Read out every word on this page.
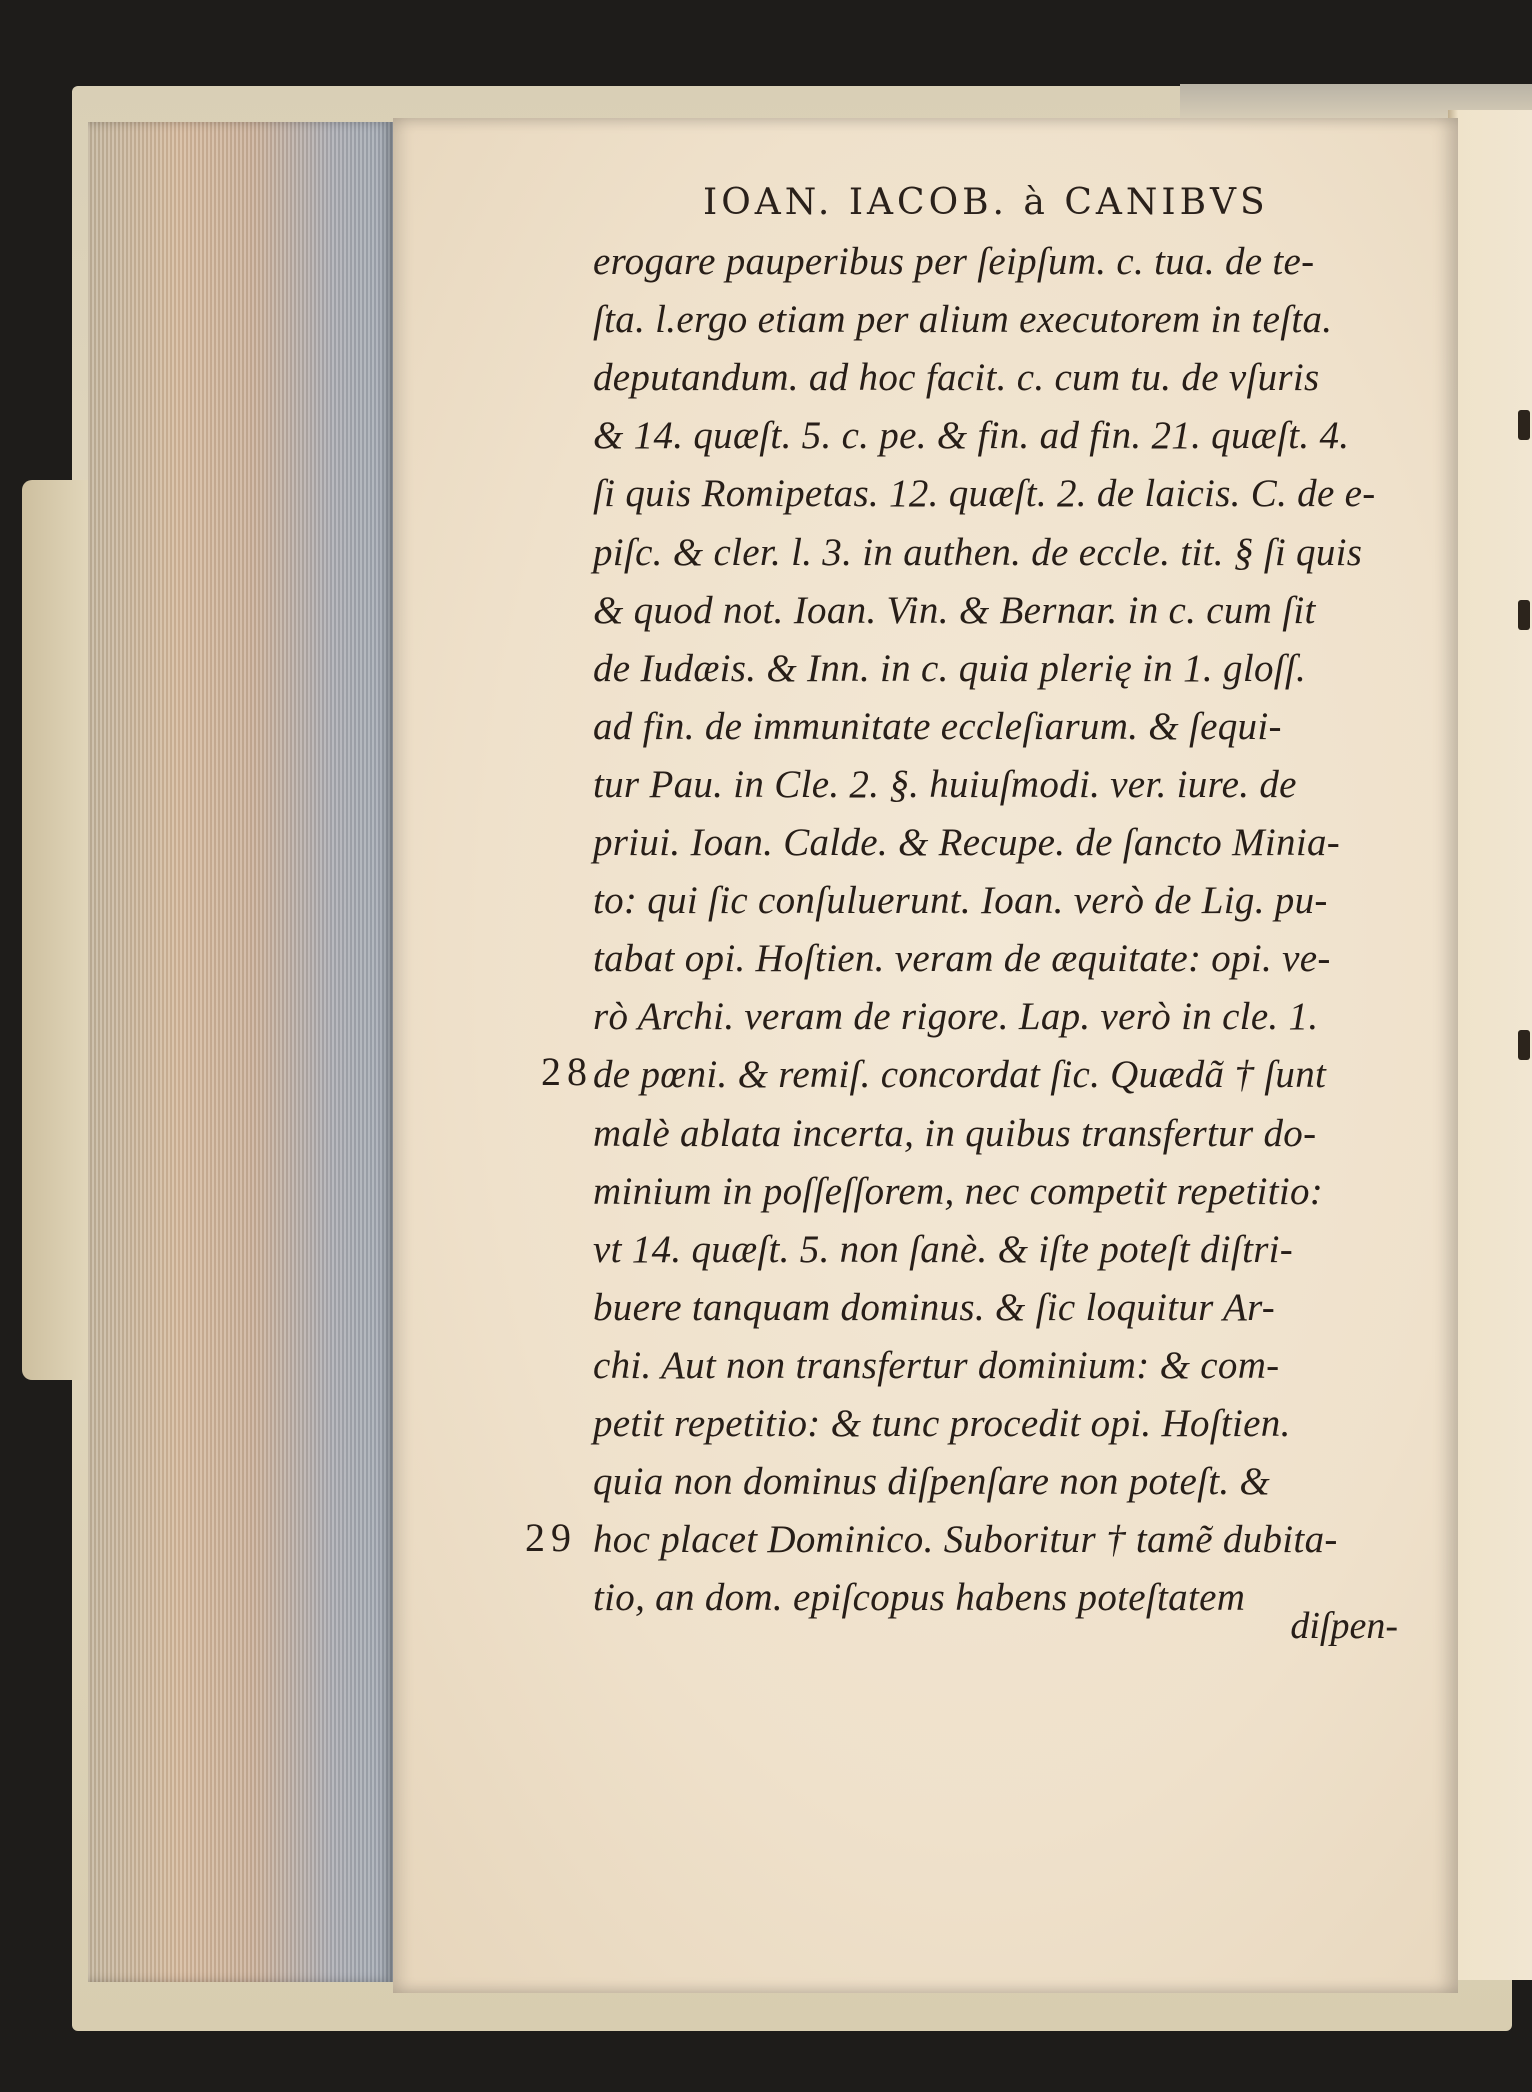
IOAN. IACOB. à CANIBVS
28
29
erogare pauperibus per ſeipſum. c. tua. de te-
ſta. l.ergo etiam per alium executorem in teſta.
deputandum. ad hoc facit. c. cum tu. de vſuris
& 14. quæſt. 5. c. pe. & fin. ad fin. 21. quæſt. 4.
ſi quis Romipetas. 12. quæſt. 2. de laicis. C. de e-
piſc. & cler. l. 3. in authen. de eccle. tit. § ſi quis
& quod not. Ioan. Vin. & Bernar. in c. cum ſit
de Iudæis. & Inn. in c. quia plerię in 1. gloſſ.
ad fin. de immunitate eccleſiarum. & ſequi-
tur Pau. in Cle. 2. §. huiuſmodi. ver. iure. de
priui. Ioan. Calde. & Recupe. de ſancto Minia-
to: qui ſic conſuluerunt. Ioan. verò de Lig. pu-
tabat opi. Hoſtien. veram de æquitate: opi. ve-
rò Archi. veram de rigore. Lap. verò in cle. 1.
de pœni. & remiſ. concordat ſic. Quædã † ſunt
malè ablata incerta, in quibus transfertur do-
minium in poſſeſſorem, nec competit repetitio:
vt 14. quæſt. 5. non ſanè. & iſte poteſt diſtri-
buere tanquam dominus. & ſic loquitur Ar-
chi. Aut non transfertur dominium: & com-
petit repetitio: & tunc procedit opi. Hoſtien.
quia non dominus diſpenſare non poteſt. &
hoc placet Dominico. Suboritur † tamẽ dubita-
tio, an dom. epiſcopus habens poteſtatem
diſpen-
